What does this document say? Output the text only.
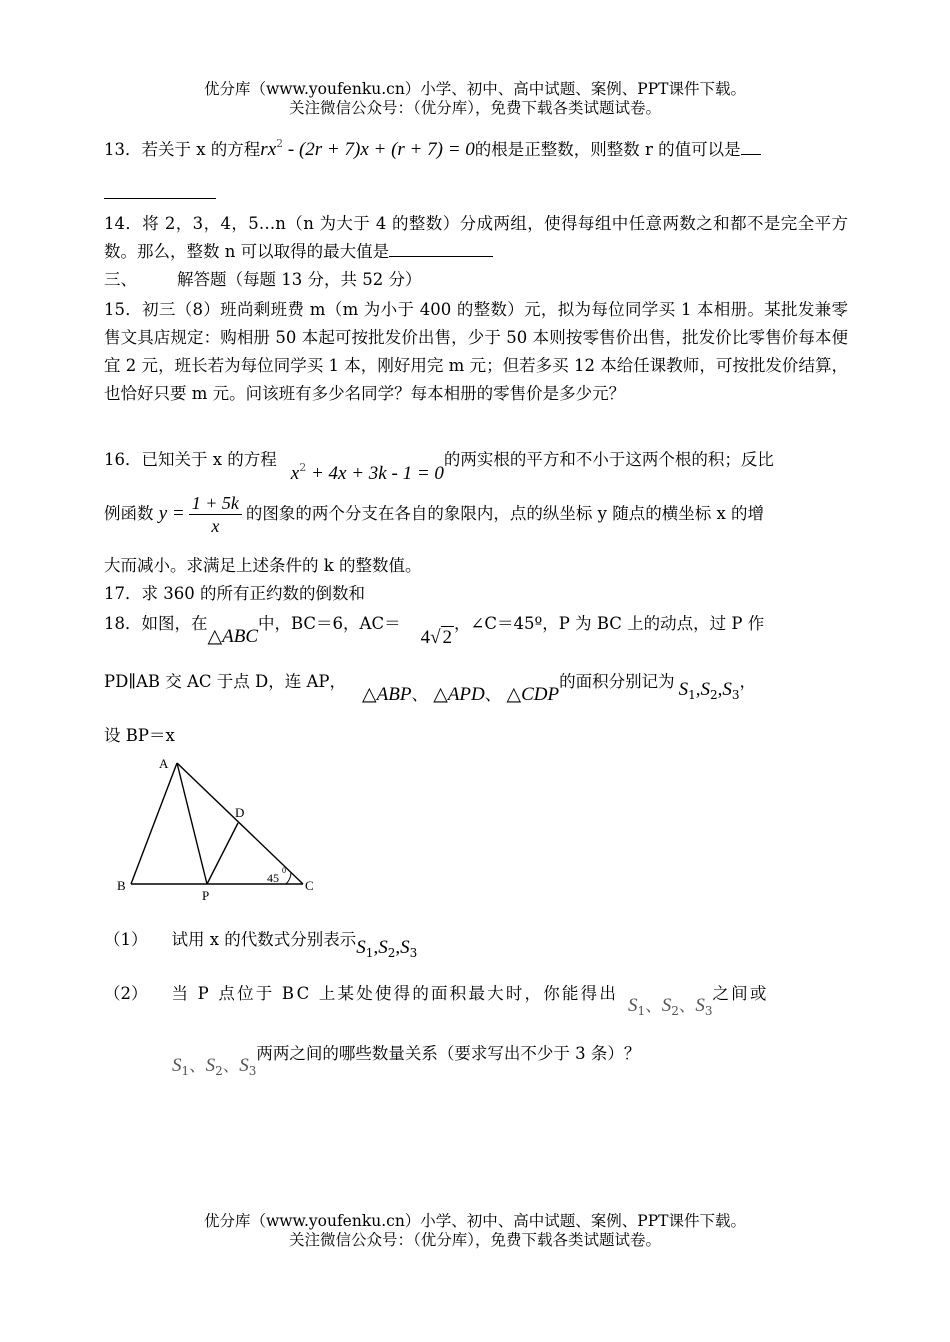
优分库（www.youfenku.cn）小学、初中、高中试题、案例、PPT课件下载。
关注微信公众号：（优分库），免费下载各类试题试卷。
13．若关于 x 的方程$rx^2 - (2r + 7)x + (r + 7) = 0$的根是正整数，则整数 r 的值可以是
14．将 2，3，4，5…n（n 为大于 4 的整数）分成两组，使得每组中任意两数之和都不是完全平方数。那么，整数 n 可以取得的最大值是
三、 解答题（每题 13 分，共 52 分）
15．初三（8）班尚剩班费 m（m 为小于 400 的整数）元，拟为每位同学买 1 本相册。某批发兼零售文具店规定：购相册 50 本起可按批发价出售，少于 50 本则按零售价出售，批发价比零售价每本便宜 2 元，班长若为每位同学买 1 本，刚好用完 m 元；但若多买 12 本给任课教师，可按批发价结算，也恰好只要 m 元。问该班有多少名同学？每本相册的零售价是多少元？
16．已知关于 x 的方程$x^2 + 4x + 3k - 1 = 0$的两实根的平方和不小于这两个根的积；反比
例函数 $y = \frac{1 + 5k}{x}$ 的图象的两个分支在各自的象限内，点的纵坐标 y 随点的横坐标 x 的增
大而减小。求满足上述条件的 k 的整数值。
17．求 360 的所有正约数的倒数和
18．如图，在△ABC中，BC＝6，AC＝4√ 2，∠C＝45º，P 为 BC 上的动点，过 P 作
PD∥AB 交 AC 于点 D，连 AP，△ABP、 △APD、 △CDP的面积分别记为 $S_1,S_2,S_3$，
设 BP＝x
A
B
P
C
D
45
0
（1） 试用 x 的代数式分别表示$S_1,S_2,S_3$
（2） 当 P 点位于 BC 上某处使得的面积最大时，你能得出$S_1$、$S_2$、$S_3$之间或
$S_1$、$S_2$、$S_3$两两之间的哪些数量关系（要求写出不少于 3 条）？
优分库（www.youfenku.cn）小学、初中、高中试题、案例、PPT课件下载。
关注微信公众号：（优分库），免费下载各类试题试卷。
